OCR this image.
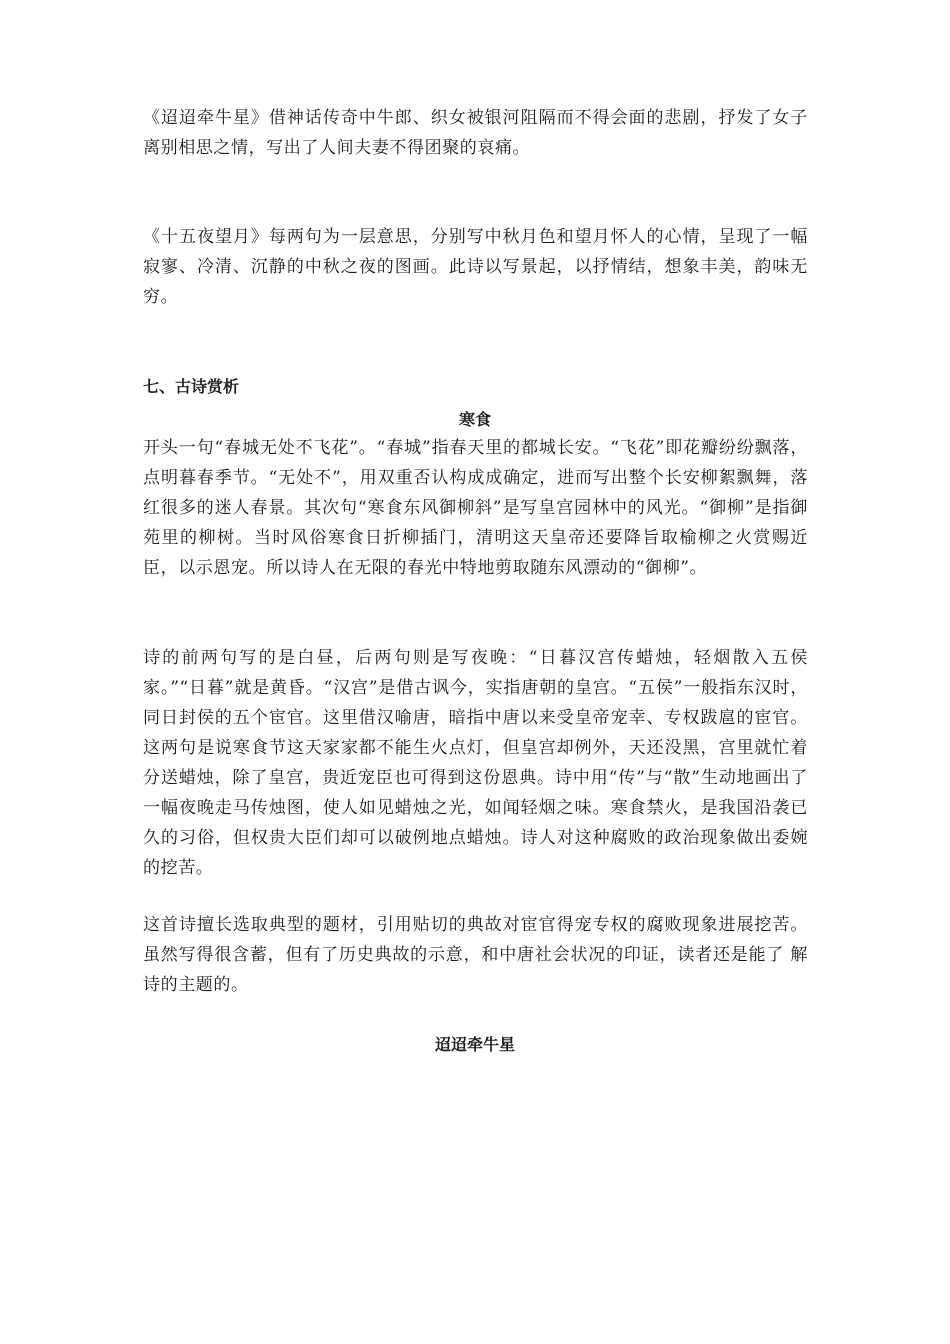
《迢迢牵牛星》借神话传奇中牛郎、织女被银河阻隔而不得会面的悲剧，抒发了女子离别相思之情，写出了人间夫妻不得团聚的哀痛。

《十五夜望月》每两句为一层意思，分别写中秋月色和望月怀人的心情，呈现了一幅寂寥、冷清、沉静的中秋之夜的图画。此诗以写景起，以抒情结，想象丰美，韵味无穷。

七、古诗赏析
寒食

开头一句“春城无处不飞花”。“春城”指春天里的都城长安。“飞花”即花瓣纷纷飘落，点明暮春季节。“无处不”，用双重否认构成成确定，进而写出整个长安柳絮飘舞，落红很多的迷人春景。其次句“寒食东风御柳斜”是写皇宫园林中的风光。“御柳”是指御苑里的柳树。当时风俗寒食日折柳插门，清明这天皇帝还要降旨取榆柳之火赏赐近臣，以示恩宠。所以诗人在无限的春光中特地剪取随东风漂动的“御柳”。

诗的前两句写的是白昼，后两句则是写夜晚：“日暮汉宫传蜡烛，轻烟散入五侯家。”“日暮”就是黄昏。“汉宫”是借古讽今，实指唐朝的皇宫。“五侯”一般指东汉时，同日封侯的五个宦官。这里借汉喻唐，暗指中唐以来受皇帝宠幸、专权跋扈的宦官。这两句是说寒食节这天家家都不能生火点灯，但皇宫却例外，天还没黑，宫里就忙着分送蜡烛，除了皇宫，贵近宠臣也可得到这份恩典。诗中用“传”与“散”生动地画出了一幅夜晚走马传烛图，使人如见蜡烛之光，如闻轻烟之味。寒食禁火，是我国沿袭已久的习俗，但权贵大臣们却可以破例地点蜡烛。诗人对这种腐败的政治现象做出委婉的挖苦。

这首诗擅长选取典型的题材，引用贴切的典故对宦官得宠专权的腐败现象进展挖苦。虽然写得很含蓄，但有了历史典故的示意，和中唐社会状况的印证，读者还是能了 解诗的主题的。

迢迢牵牛星
